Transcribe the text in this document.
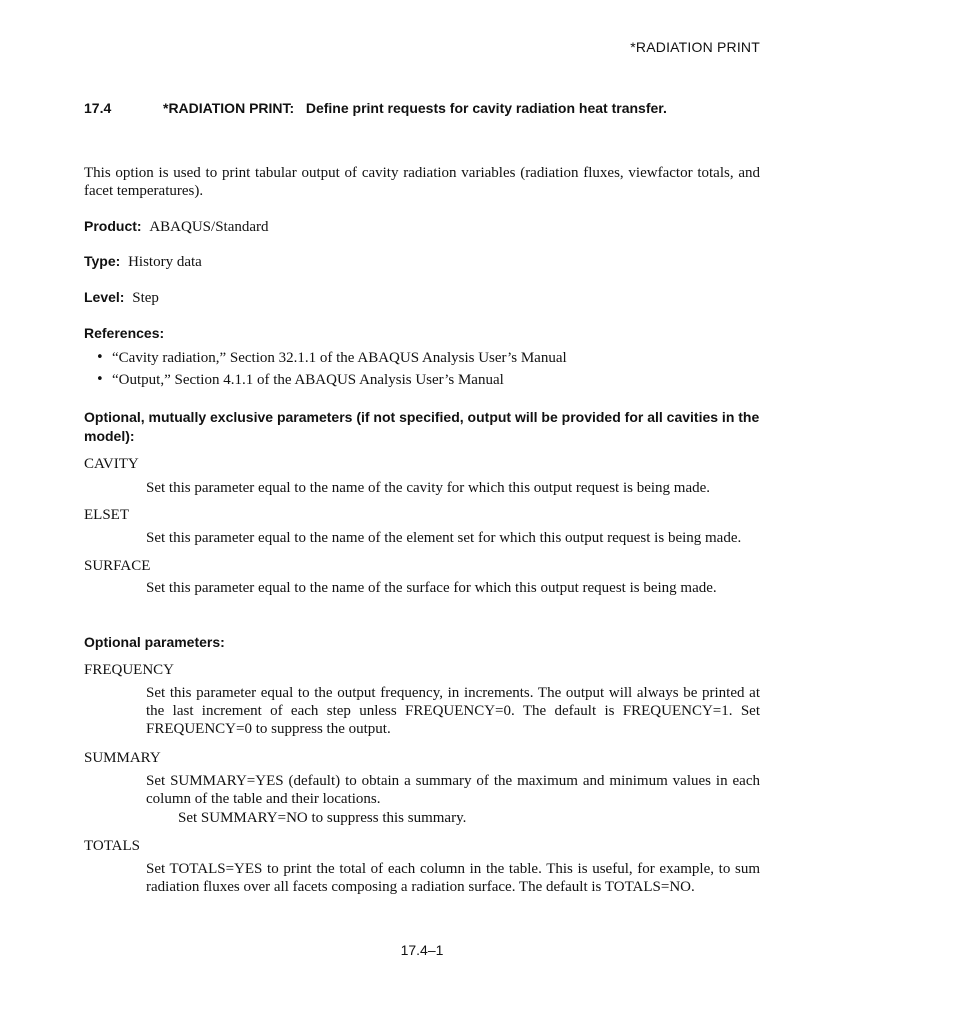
*RADIATION PRINT
17.4	*RADIATION PRINT: Define print requests for cavity radiation heat transfer.
This option is used to print tabular output of cavity radiation variables (radiation fluxes, viewfactor totals, and facet temperatures).
Product: ABAQUS/Standard
Type: History data
Level: Step
References:
• “Cavity radiation,” Section 32.1.1 of the ABAQUS Analysis User’s Manual
• “Output,” Section 4.1.1 of the ABAQUS Analysis User’s Manual
Optional, mutually exclusive parameters (if not specified, output will be provided for all cavities in the model):
CAVITY
Set this parameter equal to the name of the cavity for which this output request is being made.
ELSET
Set this parameter equal to the name of the element set for which this output request is being made.
SURFACE
Set this parameter equal to the name of the surface for which this output request is being made.
Optional parameters:
FREQUENCY
Set this parameter equal to the output frequency, in increments. The output will always be printed at the last increment of each step unless FREQUENCY=0. The default is FREQUENCY=1. Set FREQUENCY=0 to suppress the output.
SUMMARY
Set SUMMARY=YES (default) to obtain a summary of the maximum and minimum values in each column of the table and their locations.
Set SUMMARY=NO to suppress this summary.
TOTALS
Set TOTALS=YES to print the total of each column in the table. This is useful, for example, to sum radiation fluxes over all facets composing a radiation surface. The default is TOTALS=NO.
17.4–1
